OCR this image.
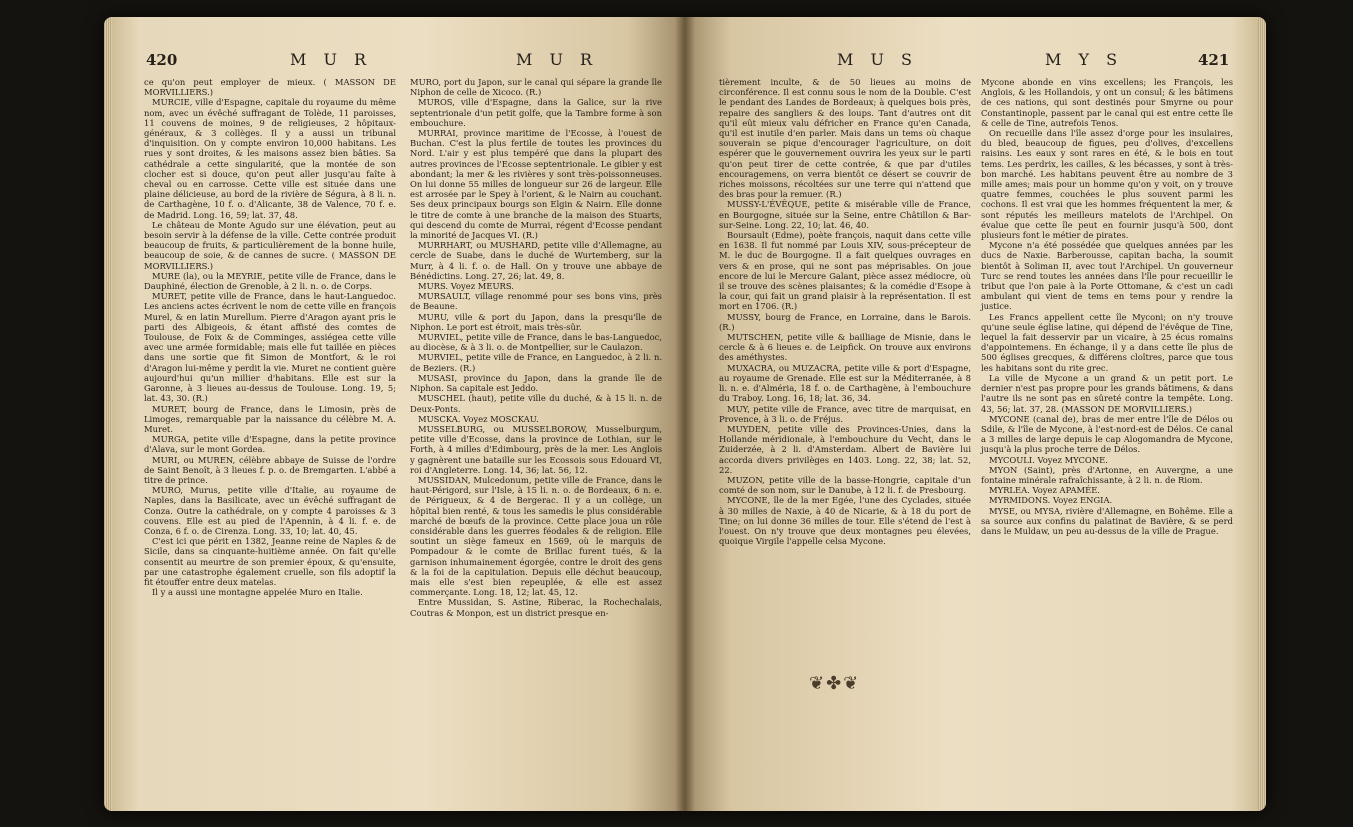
420	M U R	M U R

ce qu'on peut employer de mieux. ( MASSON DE MORVILLIERS.)

MURCIE, ville d'Espagne, capitale du royaume du même nom, avec un évêché suffragant de Tolède, 11 paroisses, 11 couvens de moines, 9 de religieuses, 2 hôpitaux-généraux, & 3 collèges. Il y a aussi un tribunal d'inquisition. On y compte environ 10,000 habitans. Les rues y sont droites, & les maisons assez bien bâties. Sa cathédrale a cette singularité, que la montée de son clocher est si douce, qu'on peut aller jusqu'au faîte à cheval ou en carrosse. Cette ville est située dans une plaine délicieuse, au bord de la rivière de Ségura, à 8 li. n. de Carthagène, 10 f. o. d'Alicante, 38 de Valence, 70 f. e. de Madrid. Long. 16, 59; lat. 37, 48.

Le château de Monte Agudo sur une élévation, peut au besoin servir à la défense de la ville. Cette contrée produit beaucoup de fruits, & particulièrement de la bonne huile, beaucoup de soie, & de cannes de sucre. ( MASSON DE MORVILLIERS.)

MURE (la), ou la MEYRIE, petite ville de France, dans le Dauphiné, élection de Grenoble, à 2 li. n. o. de Corps.

MURET, petite ville de France, dans le haut-Languedoc. Les anciens actes écrivent le nom de cette ville en françois Murel, & en latin Murellum. Pierre d'Aragon ayant pris le parti des Albigeois, & étant affisté des comtes de Toulouse, de Foix & de Comminges, assiégea cette ville avec une armée formidable; mais elle fut taillée en pièces dans une sortie que fit Simon de Montfort, & le roi d'Aragon lui-même y perdit la vie. Muret ne contient guère aujourd'hui qu'un millier d'habitans. Elle est sur la Garonne, à 3 lieues au-dessus de Toulouse. Long. 19, 5; lat. 43, 30. (R.)

MURET, bourg de France, dans le Limosin, près de Limoges, remarquable par la naissance du célèbre M. A. Muret.

MURGA, petite ville d'Espagne, dans la petite province d'Alava, sur le mont Gordea.

MURI, ou MUREN, célèbre abbaye de Suisse de l'ordre de Saint Benoît, à 3 lieues f. p. o. de Bremgarten. L'abbé a titre de prince.

MURO, Murus, petite ville d'Italie, au royaume de Naples, dans la Basilicate, avec un évêché suffragant de Conza. Outre la cathédrale, on y compte 4 paroisses & 3 couvens. Elle est au pied de l'Apennin, à 4 li. f. e. de Conza, 6 f. o. de Cirenza. Long. 33, 10; lat. 40, 45.

C'est ici que périt en 1382, Jeanne reine de Naples & de Sicile, dans sa cinquante-huitième année. On fait qu'elle consentit au meurtre de son premier époux, & qu'ensuite, par une catastrophe également cruelle, son fils adoptif la fit étouffer entre deux matelas.

Il y a aussi une montagne appelée Muro en Italie.

MURO, port du Japon, sur le canal qui sépare la grande île Niphon de celle de Xicoco. (R.)

MUROS, ville d'Espagne, dans la Galice, sur la rive septentrionale d'un petit golfe, que la Tambre forme à son embouchure.

MURRAI, province maritime de l'Ecosse, à l'ouest de Buchan. C'est la plus fertile de toutes les provinces du Nord. L'air y est plus tempéré que dans la plupart des autres provinces de l'Ecosse septentrionale. Le gibier y est abondant; la mer & les rivières y sont très-poissonneuses. On lui donne 55 milles de longueur sur 26 de largeur. Elle est arrosée par le Spey à l'orient, & le Nairn au couchant. Ses deux principaux bourgs son Elgin & Nairn. Elle donne le titre de comte à une branche de la maison des Stuarts, qui descend du comte de Murrai, régent d'Ecosse pendant la minorité de Jacques VI. (R.)

MURRHART, ou MUSHARD, petite ville d'Allemagne, au cercle de Suabe, dans le duché de Wurtemberg, sur la Murr, à 4 li. f. o. de Hall. On y trouve une abbaye de Bénédictins. Long. 27, 26; lat. 49, 8.

MURS. Voyez MEURS.

MURSAULT, village renommé pour ses bons vins, près de Beaune.

MURU, ville & port du Japon, dans la presqu'île de Niphon. Le port est étroit, mais très-sûr.

MURVIEL, petite ville de France, dans le bas-Languedoc, au diocèse, & à 3 li. o. de Montpellier, sur le Caulazon.

MURVIEL, petite ville de France, en Languedoc, à 2 li. n. de Beziers. (R.)

MUSASI, province du Japon, dans la grande île de Niphon. Sa capitale est Jeddo.

MUSCHEL (haut), petite ville du duché, & à 15 li. n. de Deux-Ponts.

MUSCKA. Voyez MOSCKAU.

MUSSELBURG, ou MUSSELBOROW, Musselburgum, petite ville d'Ecosse, dans la province de Lothian, sur le Forth, à 4 milles d'Edimbourg, près de la mer. Les Anglois y gagnèrent une bataille sur les Ecossois sous Edouard VI, roi d'Angleterre. Long. 14, 36; lat. 56, 12.

MUSSIDAN, Mulcedonum, petite ville de France, dans le haut-Périgord, sur l'Isle, à 15 li. n. o. de Bordeaux, 6 n. e. de Périgueux, & 4 de Bergerac. Il y a un collège, un hôpital bien renté, & tous les samedis le plus considérable marché de bœufs de la province. Cette place joua un rôle considérable dans les guerres féodales & de religion. Elle soutint un siège fameux en 1569, où le marquis de Pompadour & le comte de Brillac furent tués, & la garnison inhumainement égorgée, contre le droit des gens & la foi de la capitulation. Depuis elle déchut beaucoup, mais elle s'est bien repeuplée, & elle est assez commerçante. Long. 18, 12; lat. 45, 12.

Entre Mussidan, S. Astine, Riberac, la Rochechalais, Coutras & Monpon, est un district presque en-

M U S	M Y S	421

tièrement inculte, & de 50 lieues au moins de circonférence. Il est connu sous le nom de la Double. C'est le pendant des Landes de Bordeaux; à quelques bois près, repaire des sangliers & des loups. Tant d'autres ont dit qu'il eût mieux valu défricher en France qu'en Canada, qu'il est inutile d'en parler. Mais dans un tems où chaque souverain se pique d'encourager l'agriculture, on doit espérer que le gouvernement ouvrira les yeux sur le parti qu'on peut tirer de cette contrée, & que par d'utiles encouragemens, on verra bientôt ce désert se couvrir de riches moissons, récoltées sur une terre qui n'attend que des bras pour la remuer. (R.)

MUSSY-L'ÉVÊQUE, petite & misérable ville de France, en Bourgogne, située sur la Seine, entre Châtillon & Bar-sur-Seine. Long. 22, 10; lat. 46, 40.

Boursault (Edme), poète françois, naquit dans cette ville en 1638. Il fut nommé par Louis XIV, sous-précepteur de M. le duc de Bourgogne. Il a fait quelques ouvrages en vers & en prose, qui ne sont pas méprisables. On joue encore de lui le Mercure Galant, pièce assez médiocre, où il se trouve des scènes plaisantes; & la comédie d'Esope à la cour, qui fait un grand plaisir à la représentation. Il est mort en 1706. (R.)

MUSSY, bourg de France, en Lorraine, dans le Barois. (R.)

MUTSCHEN, petite ville & bailliage de Misnie, dans le cercle & à 6 lieues e. de Leipfick. On trouve aux environs des améthystes.

MUXACRA, ou MUZACRA, petite ville & port d'Espagne, au royaume de Grenade. Elle est sur la Méditerranée, à 8 li. n. e. d'Alméria, 18 f. o. de Carthagène, à l'embouchure du Traboy. Long. 16, 18; lat. 36, 34.

MUY, petite ville de France, avec titre de marquisat, en Provence, à 3 li. o. de Fréjus.

MUYDEN, petite ville des Provinces-Unies, dans la Hollande méridionale, à l'embouchure du Vecht, dans le Zuiderzée, à 2 li. d'Amsterdam. Albert de Bavière lui accorda divers privilèges en 1403. Long. 22, 38; lat. 52, 22.

MUZON, petite ville de la basse-Hongrie, capitale d'un comté de son nom, sur le Danube, à 12 li. f. de Presbourg.

MYCONE, île de la mer Egée, l'une des Cyclades, située à 30 milles de Naxie, à 40 de Nicarie, & à 18 du port de Tine; on lui donne 36 milles de tour. Elle s'étend de l'est à l'ouest. On n'y trouve que deux montagnes peu élevées, quoique Virgile l'appelle celsa Mycone.

Mycone abonde en vins excellens; les François, les Anglois, & les Hollandois, y ont un consul; & les bâtimens de ces nations, qui sont destinés pour Smyrne ou pour Constantinople, passent par le canal qui est entre cette île & celle de Tine, autrefois Tenos.

On recueille dans l'île assez d'orge pour les insulaires, du bled, beaucoup de figues, peu d'olives, d'excellens raisins. Les eaux y sont rares en été, & le bois en tout tems. Les perdrix, les cailles, & les bécasses, y sont à très-bon marché. Les habitans peuvent être au nombre de 3 mille ames; mais pour un homme qu'on y voit, on y trouve quatre femmes, couchées le plus souvent parmi les cochons. Il est vrai que les hommes fréquentent la mer, & sont réputés les meilleurs matelots de l'Archipel. On évalue que cette île peut en fournir jusqu'à 500, dont plusieurs font le métier de pirates.

Mycone n'a été possédée que quelques années par les ducs de Naxie. Barberousse, capitan bacha, la soumit bientôt à Soliman II, avec tout l'Archipel. Un gouverneur Turc se rend toutes les années dans l'île pour recueillir le tribut que l'on paie à la Porte Ottomane, & c'est un cadi ambulant qui vient de tems en tems pour y rendre la justice.

Les Francs appellent cette île Myconi; on n'y trouve qu'une seule église latine, qui dépend de l'évêque de Tine, lequel la fait desservir par un vicaire, à 25 écus romains d'appointemens. En échange, il y a dans cette île plus de 500 églises grecques, & différens cloîtres, parce que tous les habitans sont du rite grec.

La ville de Mycone a un grand & un petit port. Le dernier n'est pas propre pour les grands bâtimens, & dans l'autre ils ne sont pas en sûreté contre la tempête. Long. 43, 56; lat. 37, 28. (MASSON DE MORVILLIERS.)

MYCONE (canal de), bras de mer entre l'île de Délos ou Sdile, & l'île de Mycone, à l'est-nord-est de Délos. Ce canal a 3 milles de large depuis le cap Alogomandra de Mycone, jusqu'à la plus proche terre de Délos.

MYCOULI. Voyez MYCONE.

MYON (Saint), près d'Artonne, en Auvergne, a une fontaine minérale rafraîchissante, à 2 li. n. de Riom.

MYRLEA. Voyez APAMÉE.

MYRMIDONS. Voyez ENGIA.

MYSE, ou MYSA, rivière d'Allemagne, en Bohême. Elle a sa source aux confins du palatinat de Bavière, & se perd dans le Muldaw, un peu au-dessus de la ville de Prague.

❦✤❦
